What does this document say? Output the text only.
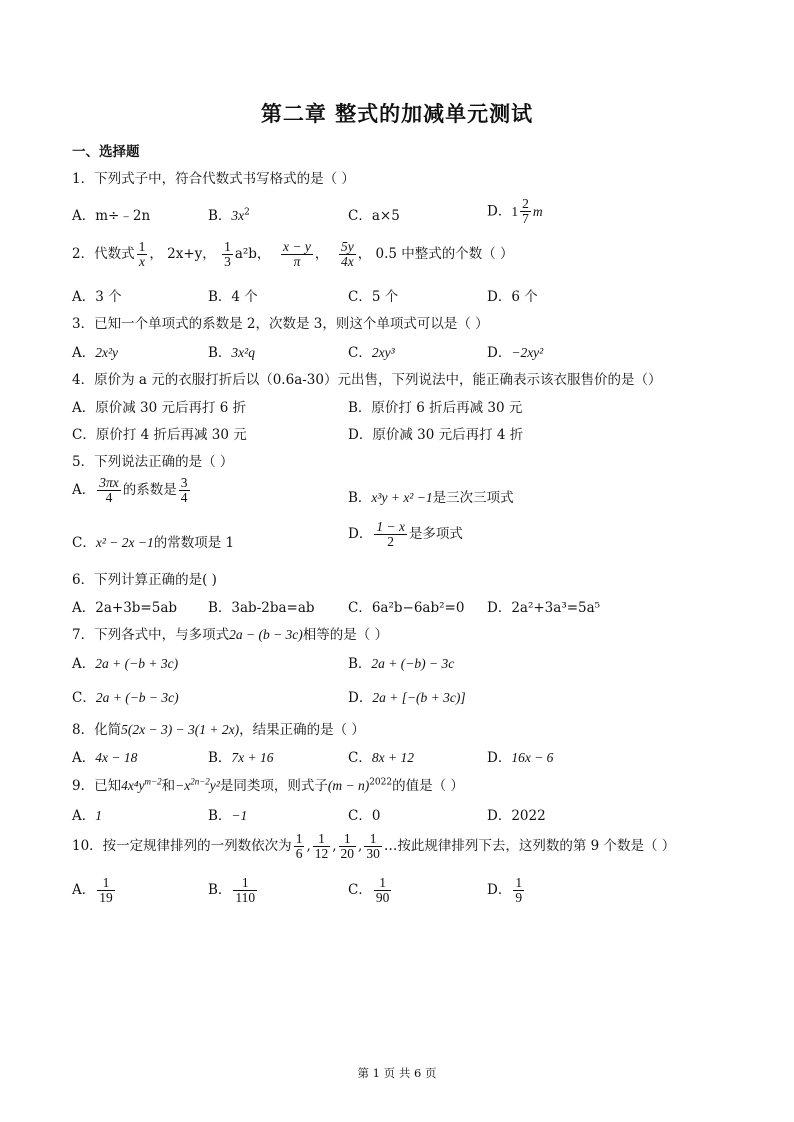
第二章 整式的加减单元测试
一、选择题
1．下列式子中，符合代数式书写格式的是（ ）
A．m÷﹣2n	B．$3x^2$	C．a×5	D． $1 \frac{2}{7}$ m
2．代数式 $\frac{1}{x}$ ， 2x+y， $\frac{1}{3} a^2b$， $\frac{x - y}{\pi}$ ， $\frac{5y}{4x}$ ， 0.5 中整式的个数（ ）
A．3 个	B．4 个	C．5 个	D．6 个
3．已知一个单项式的系数是 2，次数是 3，则这个单项式可以是（ ）
A．2x²y	B．3x²q	C．2xy³	D．−2xy²
4．原价为 a 元的衣服打折后以（0.6a-30）元出售，下列说法中，能正确表示该衣服售价的是（）
A．原价减 30 元后再打 6 折	B．原价打 6 折后再减 30 元
C．原价打 4 折后再减 30 元	D．原价减 30 元后再打 4 折
5．下列说法正确的是（ ）
A． $\frac{3\pi x}{4}$ 的系数是 $\frac{3}{4}$	B．x³y + x² −1是三次三项式
C．x² − 2x −1的常数项是 1
D． $\frac{1 - x}{2}$ 是多项式
6．下列计算正确的是( )
A．2a+3b=5ab B．3ab-2ba=ab C．6a²b−6ab²=0 D．2a²+3a³=5a⁵
7．下列各式中，与多项式2a − (b − 3c)相等的是（ ）
A．2a + (−b + 3c)	B．2a + (−b) − 3c
C．2a + (−b − 3c)	D．2a + [−(b + 3c)]
8．化简5(2x − 3) − 3(1 + 2x)，结果正确的是（ ）
A．4x − 18	B．7x + 16	C．8x + 12	D．16x − 6
9．已知$4x^4y^{m-2}$和$-x^{2n-2}y^2$是同类项，则式子$(m - n)^{2022}$的值是（ ）
A．1	B．−1	C．0	D．2022
10．按一定规律排列的一列数依次为 $\frac{1}{6}$ , $\frac{1}{12}$ , $\frac{1}{20}$ , $\frac{1}{30}$ …按此规律排列下去，这列数的第 9 个数是（ ）
A． $\frac{1}{19}$	B． $\frac{1}{110}$	C． $\frac{1}{90}$	D． $\frac{1}{9}$
第 1 页 共 6 页
